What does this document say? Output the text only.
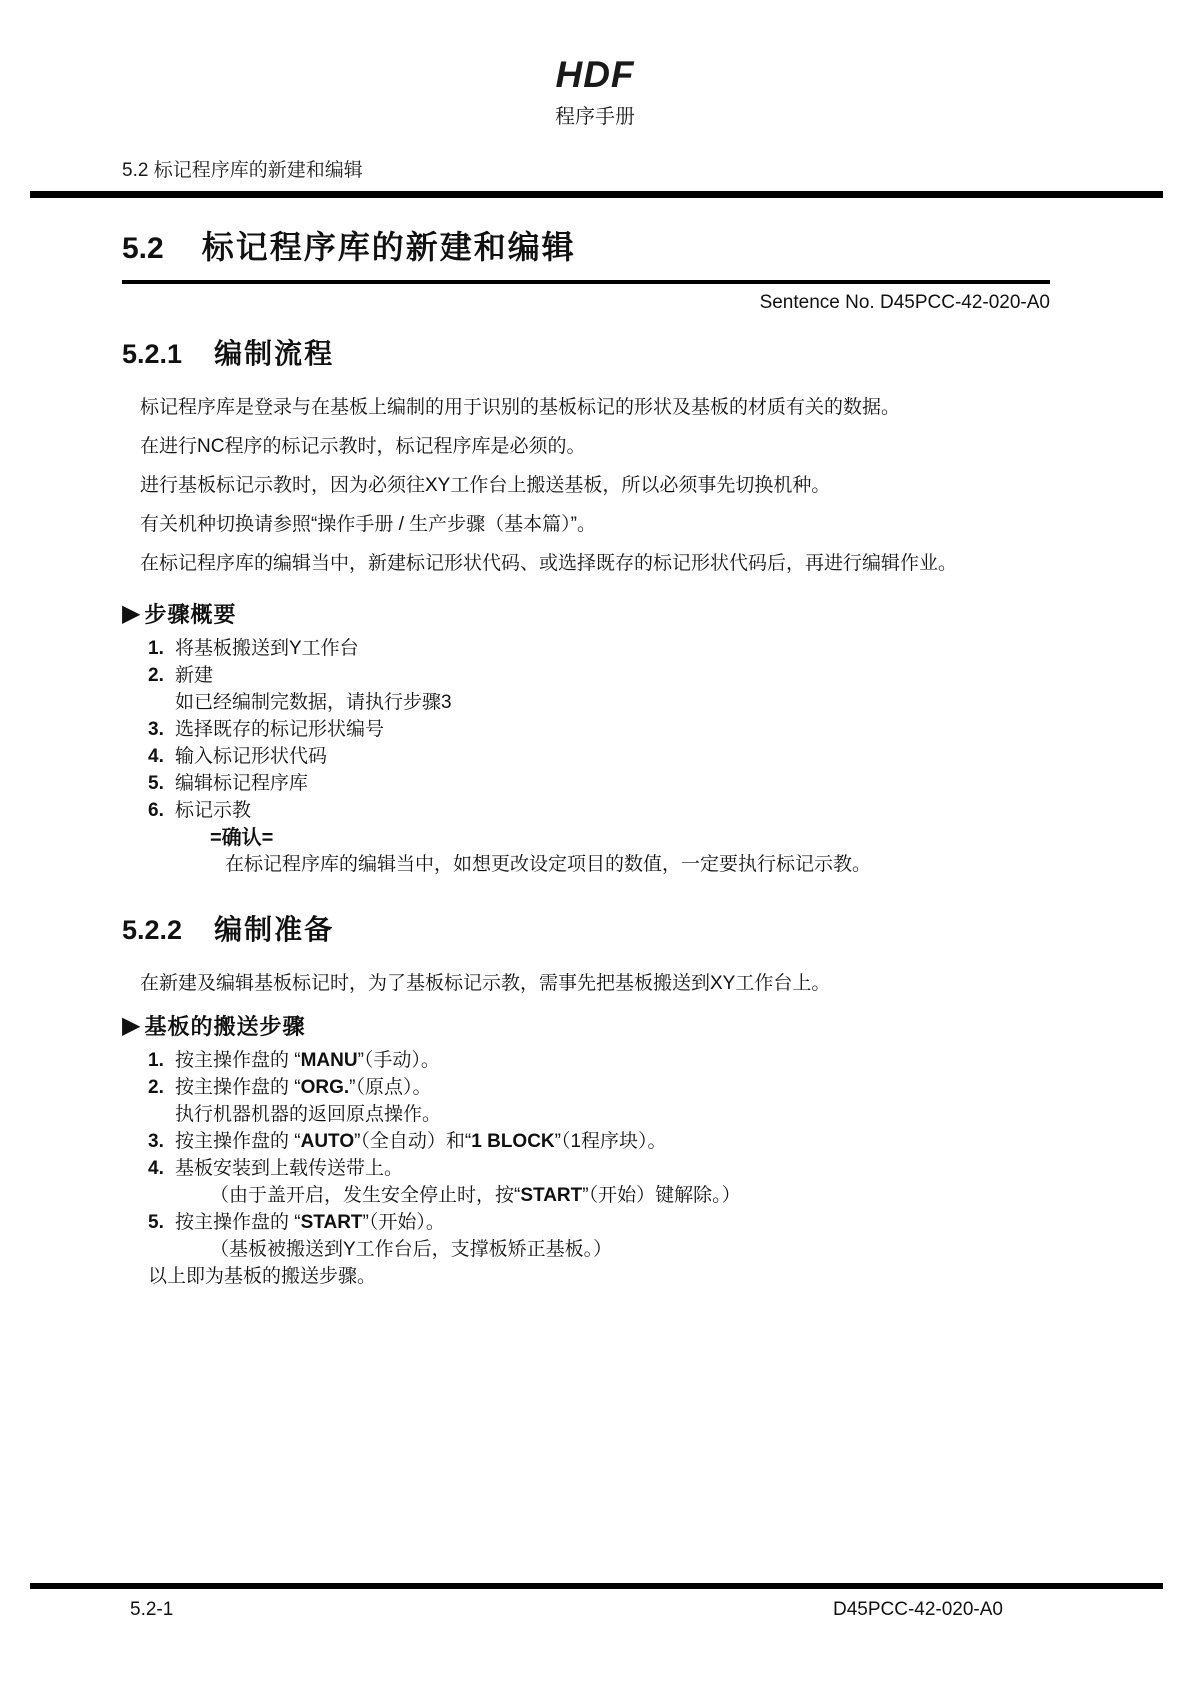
HDF
程序手册
5.2 标记程序库的新建和编辑
5.2 标记程序库的新建和编辑
Sentence No. D45PCC-42-020-A0
5.2.1 编制流程

标记程序库是登录与在基板上编制的用于识别的基板标记的形状及基板的材质有关的数据。

在进行NC程序的标记示教时，标记程序库是必须的。

进行基板标记示教时，因为必须往XY工作台上搬送基板，所以必须事先切换机种。

有关机种切换请参照“操作手册 / 生产步骤（基本篇）”。

在标记程序库的编辑当中，新建标记形状代码、或选择既存的标记形状代码后，再进行编辑作业。

▶ 步骤概要
1. 将基板搬送到Y工作台
2. 新建
如已经编制完数据，请执行步骤3
3. 选择既存的标记形状编号
4. 输入标记形状代码
5. 编辑标记程序库
6. 标记示教
=确认=
在标记程序库的编辑当中，如想更改设定项目的数值，一定要执行标记示教。
5.2.2 编制准备

在新建及编辑基板标记时，为了基板标记示教，需事先把基板搬送到XY工作台上。

▶ 基板的搬送步骤
1. 按主操作盘的 “MANU”（手动）。
2. 按主操作盘的 “ORG.”（原点）。
执行机器机器的返回原点操作。
3. 按主操作盘的 “AUTO”（全自动）和“1 BLOCK”（1程序块）。
4. 基板安装到上载传送带上。
（由于盖开启，发生安全停止时，按“START”（开始）键解除。）
5. 按主操作盘的 “START”（开始）。
（基板被搬送到Y工作台后，支撑板矫正基板。）
以上即为基板的搬送步骤。
5.2-1	D45PCC-42-020-A0
